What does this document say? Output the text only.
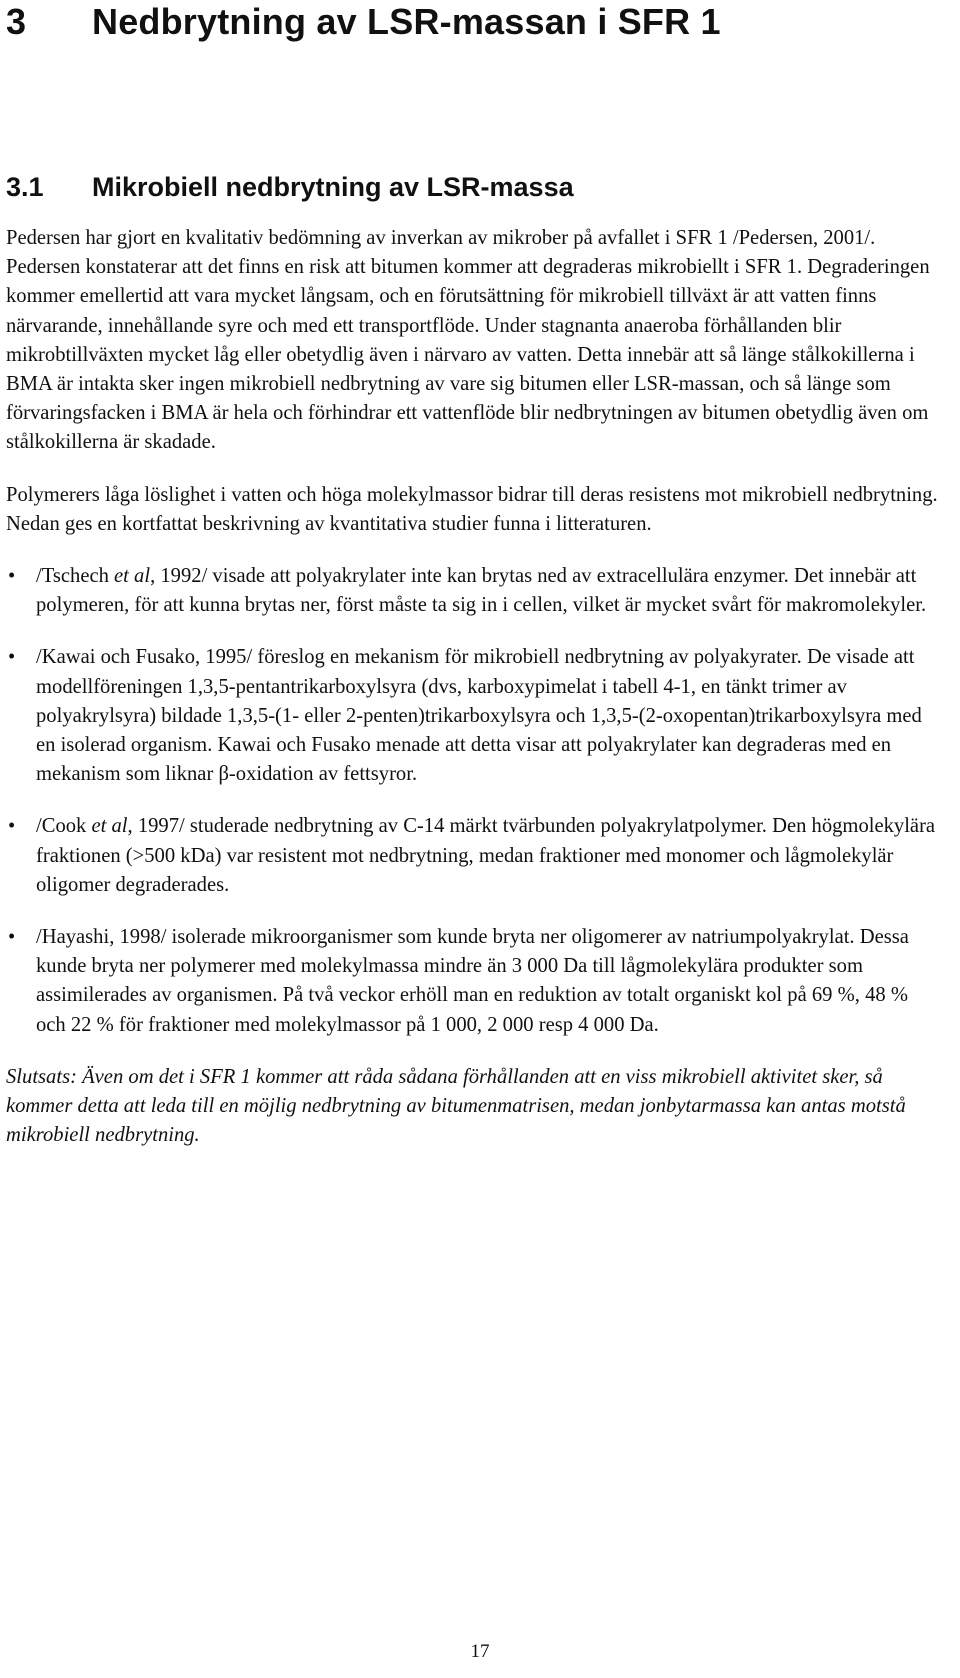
3 Nedbrytning av LSR-massan i SFR 1
3.1 Mikrobiell nedbrytning av LSR-massa

Pedersen har gjort en kvalitativ bedömning av inverkan av mikrober på avfallet i SFR 1 /Pedersen, 2001/. Pedersen konstaterar att det finns en risk att bitumen kommer att degraderas mikrobiellt i SFR 1. Degraderingen kommer emellertid att vara mycket långsam, och en förutsättning för mikrobiell tillväxt är att vatten finns närvarande, innehållande syre och med ett transportflöde. Under stagnanta anaeroba förhållanden blir mikrobtillväxten mycket låg eller obetydlig även i närvaro av vatten. Detta innebär att så länge stålkokillerna i BMA är intakta sker ingen mikrobiell nedbrytning av vare sig bitumen eller LSR-massan, och så länge som förvaringsfacken i BMA är hela och förhindrar ett vattenflöde blir nedbrytningen av bitumen obetydlig även om stålkokillerna är skadade.

Polymerers låga löslighet i vatten och höga molekylmassor bidrar till deras resistens mot mikrobiell nedbrytning. Nedan ges en kortfattat beskrivning av kvantitativa studier funna i litteraturen.

• /Tschech et al, 1992/ visade att polyakrylater inte kan brytas ned av extracellulära enzymer. Det innebär att polymeren, för att kunna brytas ner, först måste ta sig in i cellen, vilket är mycket svårt för makromolekyler.
• /Kawai och Fusako, 1995/ föreslog en mekanism för mikrobiell nedbrytning av polyakyrater. De visade att modellföreningen 1,3,5-pentantrikarboxylsyra (dvs, karboxypimelat i tabell 4-1, en tänkt trimer av polyakrylsyra) bildade 1,3,5-(1- eller 2-penten)trikarboxylsyra och 1,3,5-(2-oxopentan)trikarboxylsyra med en isolerad organism. Kawai och Fusako menade att detta visar att polyakrylater kan degraderas med en mekanism som liknar β-oxidation av fettsyror.
• /Cook et al, 1997/ studerade nedbrytning av C-14 märkt tvärbunden polyakrylatpolymer. Den högmolekylära fraktionen (>500 kDa) var resistent mot nedbrytning, medan fraktioner med monomer och lågmolekylär oligomer degraderades.
• /Hayashi, 1998/ isolerade mikroorganismer som kunde bryta ner oligomerer av natriumpolyakrylat. Dessa kunde bryta ner polymerer med molekylmassa mindre än 3 000 Da till lågmolekylära produkter som assimilerades av organismen. På två veckor erhöll man en reduktion av totalt organiskt kol på 69 %, 48 % och 22 % för fraktioner med molekylmassor på 1 000, 2 000 resp 4 000 Da.

Slutsats: Även om det i SFR 1 kommer att råda sådana förhållanden att en viss mikrobiell aktivitet sker, så kommer detta att leda till en möjlig nedbrytning av bitumenmatrisen, medan jonbytarmassa kan antas motstå mikrobiell nedbrytning.

17
